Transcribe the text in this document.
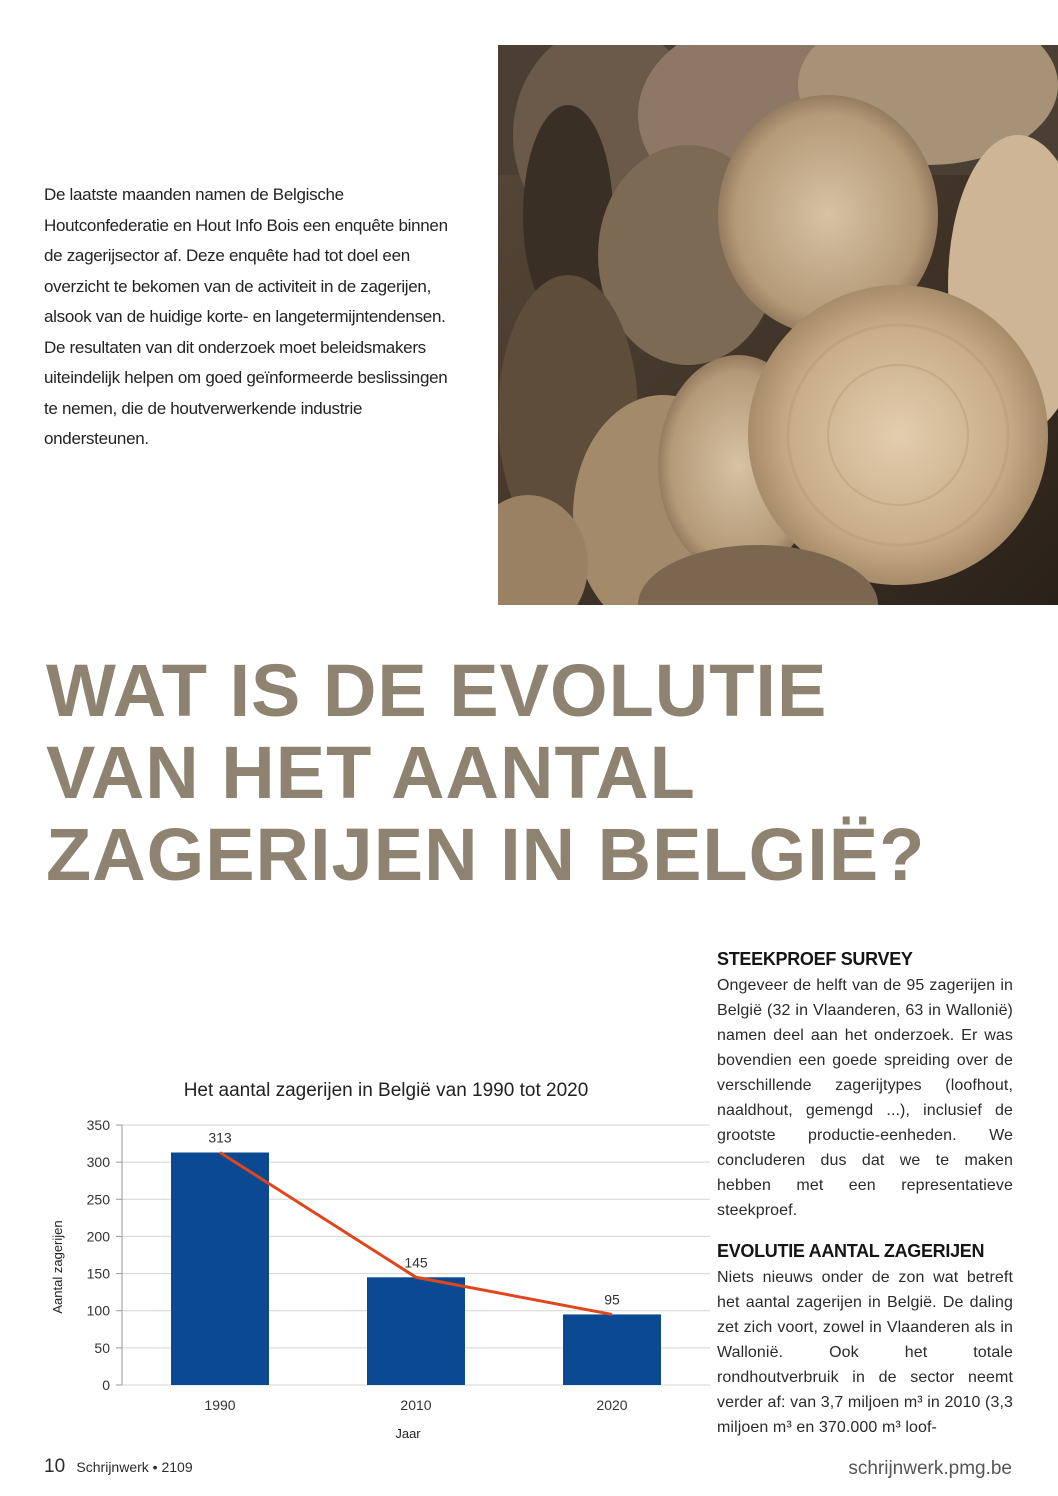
De laatste maanden namen de Belgische Houtconfederatie en Hout Info Bois een enquête binnen de zagerijsector af. Deze enquête had tot doel een overzicht te bekomen van de activiteit in de zagerijen, alsook van de huidige korte- en langetermijntendensen. De resultaten van dit onderzoek moet beleidsmakers uiteindelijk helpen om goed geïnformeerde beslissingen te nemen, die de houtverwerkende industrie ondersteunen.
WAT IS DE EVOLUTIE
VAN HET AANTAL
ZAGERIJEN IN BELGIË?
Het aantal zagerijen in België van 1990 tot 2020
Aantal zagerijen
Jaar
0
50
100
150
200
250
300
350
1990	2010	2020
313
145
95
STEEKPROEF SURVEY

Ongeveer de helft van de 95 zagerijen in België (32 in Vlaanderen, 63 in Wallonië) namen deel aan het onderzoek. Er was bovendien een goede spreiding over de verschillende zagerijtypes (loofhout, naaldhout, gemengd ...), inclusief de grootste productie-eenheden. We concluderen dus dat we te maken hebben met een representatieve steekproef.

EVOLUTIE AANTAL ZAGERIJEN

Niets nieuws onder de zon wat betreft het aantal zagerijen in België. De daling zet zich voort, zowel in Vlaanderen als in Wallonië. Ook het totale rondhoutverbruik in de sector neemt verder af: van 3,7 miljoen m³ in 2010 (3,3 miljoen m³ en 370.000 m³ loof-

10 Schrijnwerk • 2109	schrijnwerk.pmg.be
